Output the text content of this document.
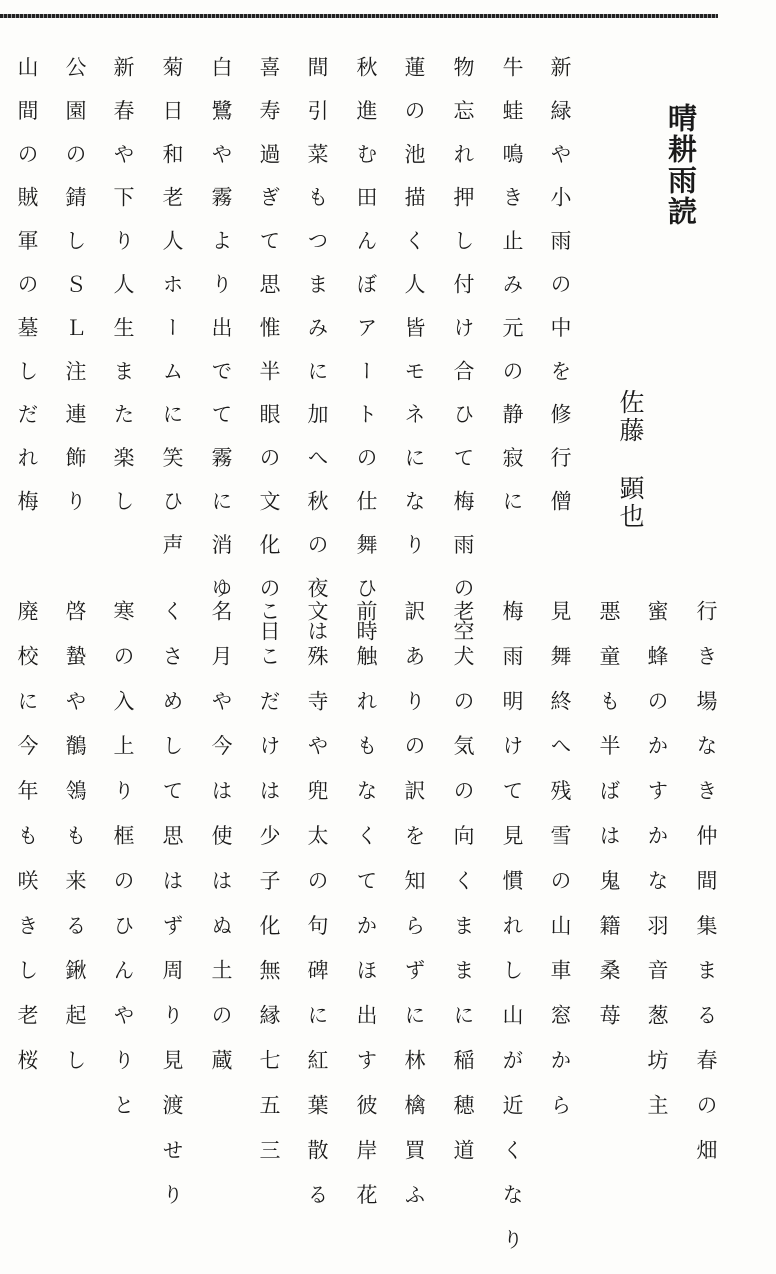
晴耕雨読
佐藤顕也
新緑や小雨の中を修行僧
牛蛙鳴き止み元の静寂に
物忘れ押し付け合ひて梅雨の空
蓮の池描く人皆モネになり
秋進む田んぼアートの仕舞ひ時
間引菜もつまみに加へ秋の夜は
喜寿過ぎて思惟半眼の文化の日
白鷺や霧より出でて霧に消ゆ
菊日和老人ホームに笑ひ声
新春や下り人生また楽し
公園の錆しＳＬ注連飾り
山間の賊軍の墓しだれ梅
行き場なき仲間集まる春の畑
蜜蜂のかすかな羽音葱坊主
悪童も半ばは鬼籍桑苺
見舞終へ残雪の山車窓から
梅雨明けて見慣れし山が近くなり
老犬の気の向くままに稲穂道
訳ありの訳を知らずに林檎買ふ
前触れもなくてかほ出す彼岸花
文殊寺や兜太の句碑に紅葉散る
ここだけは少子化無縁七五三
名月や今は使はぬ土の蔵
くさめして思はず周り見渡せり
寒の入上り框のひんやりと
啓蟄や鶺鴒も来る鍬起し
廃校に今年も咲きし老桜
